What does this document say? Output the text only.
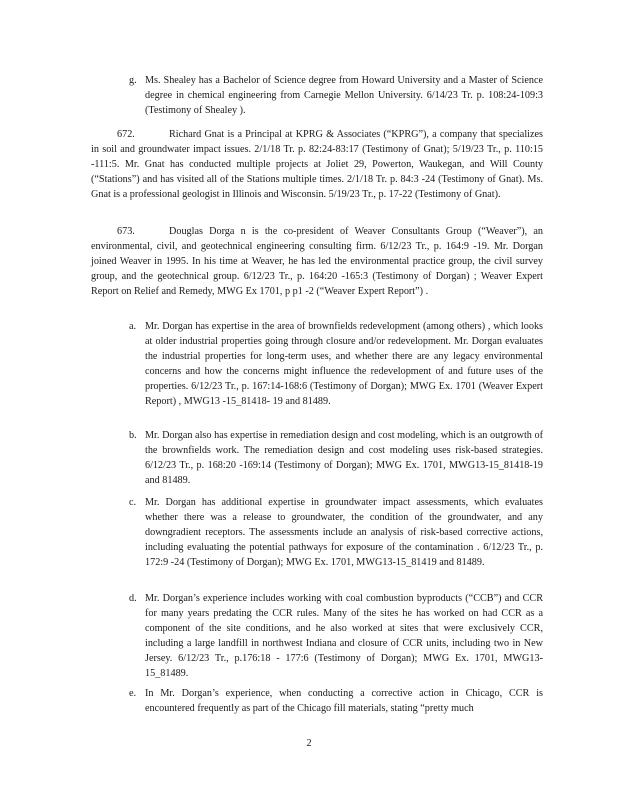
g. Ms. Shealey has a Bachelor of Science degree from Howard University and a Master of Science degree in chemical engineering from Carnegie Mellon University. 6/14/23 Tr. p. 108:24-109:3 (Testimony of Shealey ).
672.	Richard Gnat is a Principal at KPRG & Associates (“KPRG”), a company that specializes in soil and groundwater impact issues. 2/1/18 Tr. p. 82:24-83:17 (Testimony of Gnat); 5/19/23 Tr., p. 110:15 -111:5. Mr. Gnat has conducted multiple projects at Joliet 29, Powerton, Waukegan, and Will County (“Stations”) and has visited all of the Stations multiple times. 2/1/18 Tr. p. 84:3 -24 (Testimony of Gnat). Ms. Gnat is a professional geologist in Illinois and Wisconsin. 5/19/23 Tr., p. 17-22 (Testimony of Gnat).
673.	Douglas Dorga n is the co-president of Weaver Consultants Group (“Weaver”), an environmental, civil, and geotechnical engineering consulting firm. 6/12/23 Tr., p. 164:9 -19. Mr. Dorgan joined Weaver in 1995. In his time at Weaver, he has led the environmental practice group, the civil survey group, and the geotechnical group. 6/12/23 Tr., p. 164:20 -165:3 (Testimony of Dorgan) ; Weaver Expert Report on Relief and Remedy, MWG Ex 1701, p p1 -2 (“Weaver Expert Report”) .
a. Mr. Dorgan has expertise in the area of brownfields redevelopment (among others) , which looks at older industrial properties going through closure and/or redevelopment. Mr. Dorgan evaluates the industrial properties for long-term uses, and whether there are any legacy environmental concerns and how the concerns might influence the redevelopment of and future uses of the properties. 6/12/23 Tr., p. 167:14-168:6 (Testimony of Dorgan); MWG Ex. 1701 (Weaver Expert Report) , MWG13 -15_81418- 19 and 81489.
b. Mr. Dorgan also has expertise in remediation design and cost modeling, which is an outgrowth of the brownfields work. The remediation design and cost modeling uses risk-based strategies. 6/12/23 Tr., p. 168:20 -169:14 (Testimony of Dorgan); MWG Ex. 1701, MWG13-15_81418-19 and 81489.
c. Mr. Dorgan has additional expertise in groundwater impact assessments, which evaluates whether there was a release to groundwater, the condition of the groundwater, and any downgradient receptors. The assessments include an analysis of risk-based corrective actions, including evaluating the potential pathways for exposure of the contamination . 6/12/23 Tr., p. 172:9 -24 (Testimony of Dorgan); MWG Ex. 1701, MWG13-15_81419 and 81489.
d. Mr. Dorgan’s experience includes working with coal combustion byproducts (“CCB”) and CCR for many years predating the CCR rules. Many of the sites he has worked on had CCR as a component of the site conditions, and he also worked at sites that were exclusively CCR, including a large landfill in northwest Indiana and closure of CCR units, including two in New Jersey. 6/12/23 Tr., p.176:18 - 177:6 (Testimony of Dorgan); MWG Ex. 1701, MWG13-15_81489.
e. In Mr. Dorgan’s experience, when conducting a corrective action in Chicago, CCR is encountered frequently as part of the Chicago fill materials, stating “pretty much
2
